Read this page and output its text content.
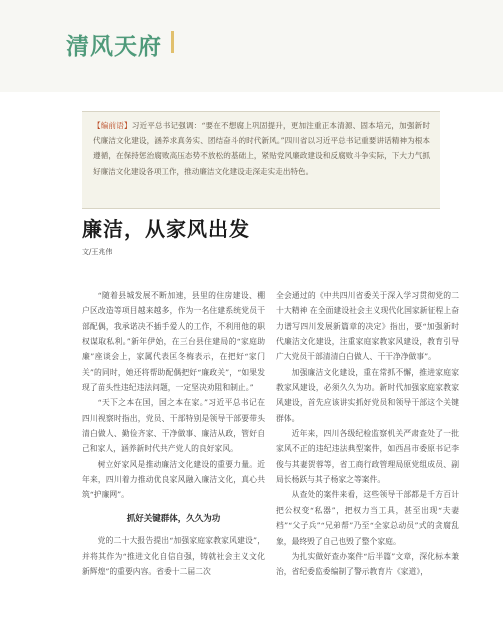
清风天府
【编前语】习近平总书记强调：“要在不想腐上巩固提升，更加注重正本清源、固本培元，加强新时代廉洁文化建设，涵养求真务实、团结奋斗的时代新风。”四川省以习近平总书记重要讲话精神为根本遵循，在保持惩治腐败高压态势不放松的基础上，紧贴党风廉政建设和反腐败斗争实际，下大力气抓好廉洁文化建设各项工作，推动廉洁文化建设走深走实走出特色。
廉洁，从家风出发
文/王兆伟

“随着县城发展不断加速，县里的住房建设、棚户区改造等项目越来越多，作为一名住建系统党员干部配偶，我承诺决不插手爱人的工作，不利用他的职权谋取私利。”新年伊始，在三台县住建局的“家庭助廉”座谈会上，家属代表匡冬梅表示，在把好“家门关”的同时，她还将帮助配偶把好“廉政关”，“如果发现了苗头性违纪违法问题，一定坚决劝阻和制止。”

“天下之本在国，国之本在家。”习近平总书记在四川视察时指出，党员、干部特别是领导干部要带头清白做人、勤俭齐家、干净做事、廉洁从政，管好自己和家人，涵养新时代共产党人的良好家风。

树立好家风是推动廉洁文化建设的重要力量。近年来，四川着力推动优良家风融入廉洁文化，真心共筑“护廉网”。

抓好关键群体，久久为功

党的二十大报告提出“加强家庭家教家风建设”，并将其作为“推进文化自信自强，铸就社会主义文化新辉煌”的重要内容。省委十二届二次

全会通过的《中共四川省委关于深入学习贯彻党的二十大精神 在全面建设社会主义现代化国家新征程上奋力谱写四川发展新篇章的决定》指出，要“加强新时代廉洁文化建设，注重家庭家教家风建设，教育引导广大党员干部清清白白做人、干干净净做事”。

加强廉洁文化建设，重在常抓不懈，推进家庭家教家风建设，必须久久为功。新时代加强家庭家教家风建设，首先应该讲实抓好党员和领导干部这个关键群体。

近年来，四川各级纪检监察机关严肃查处了一批家风不正的违纪违法典型案件，如西昌市委原书记李俊与其妻贺蓉等，省工商行政管理局原党组成员、副局长杨跃与其子杨家之等案件。

从查处的案件来看，这些领导干部都是千方百计把公权变“私器”，把权力当工具，甚至出现“夫妻档”“父子兵”“兄弟帮”乃至“全家总动员”式的贪腐乱象，最终毁了自己也毁了整个家庭。

为扎实做好查办案件“后半篇”文章，深化标本兼治，省纪委监委编制了警示教育片《家道》，
